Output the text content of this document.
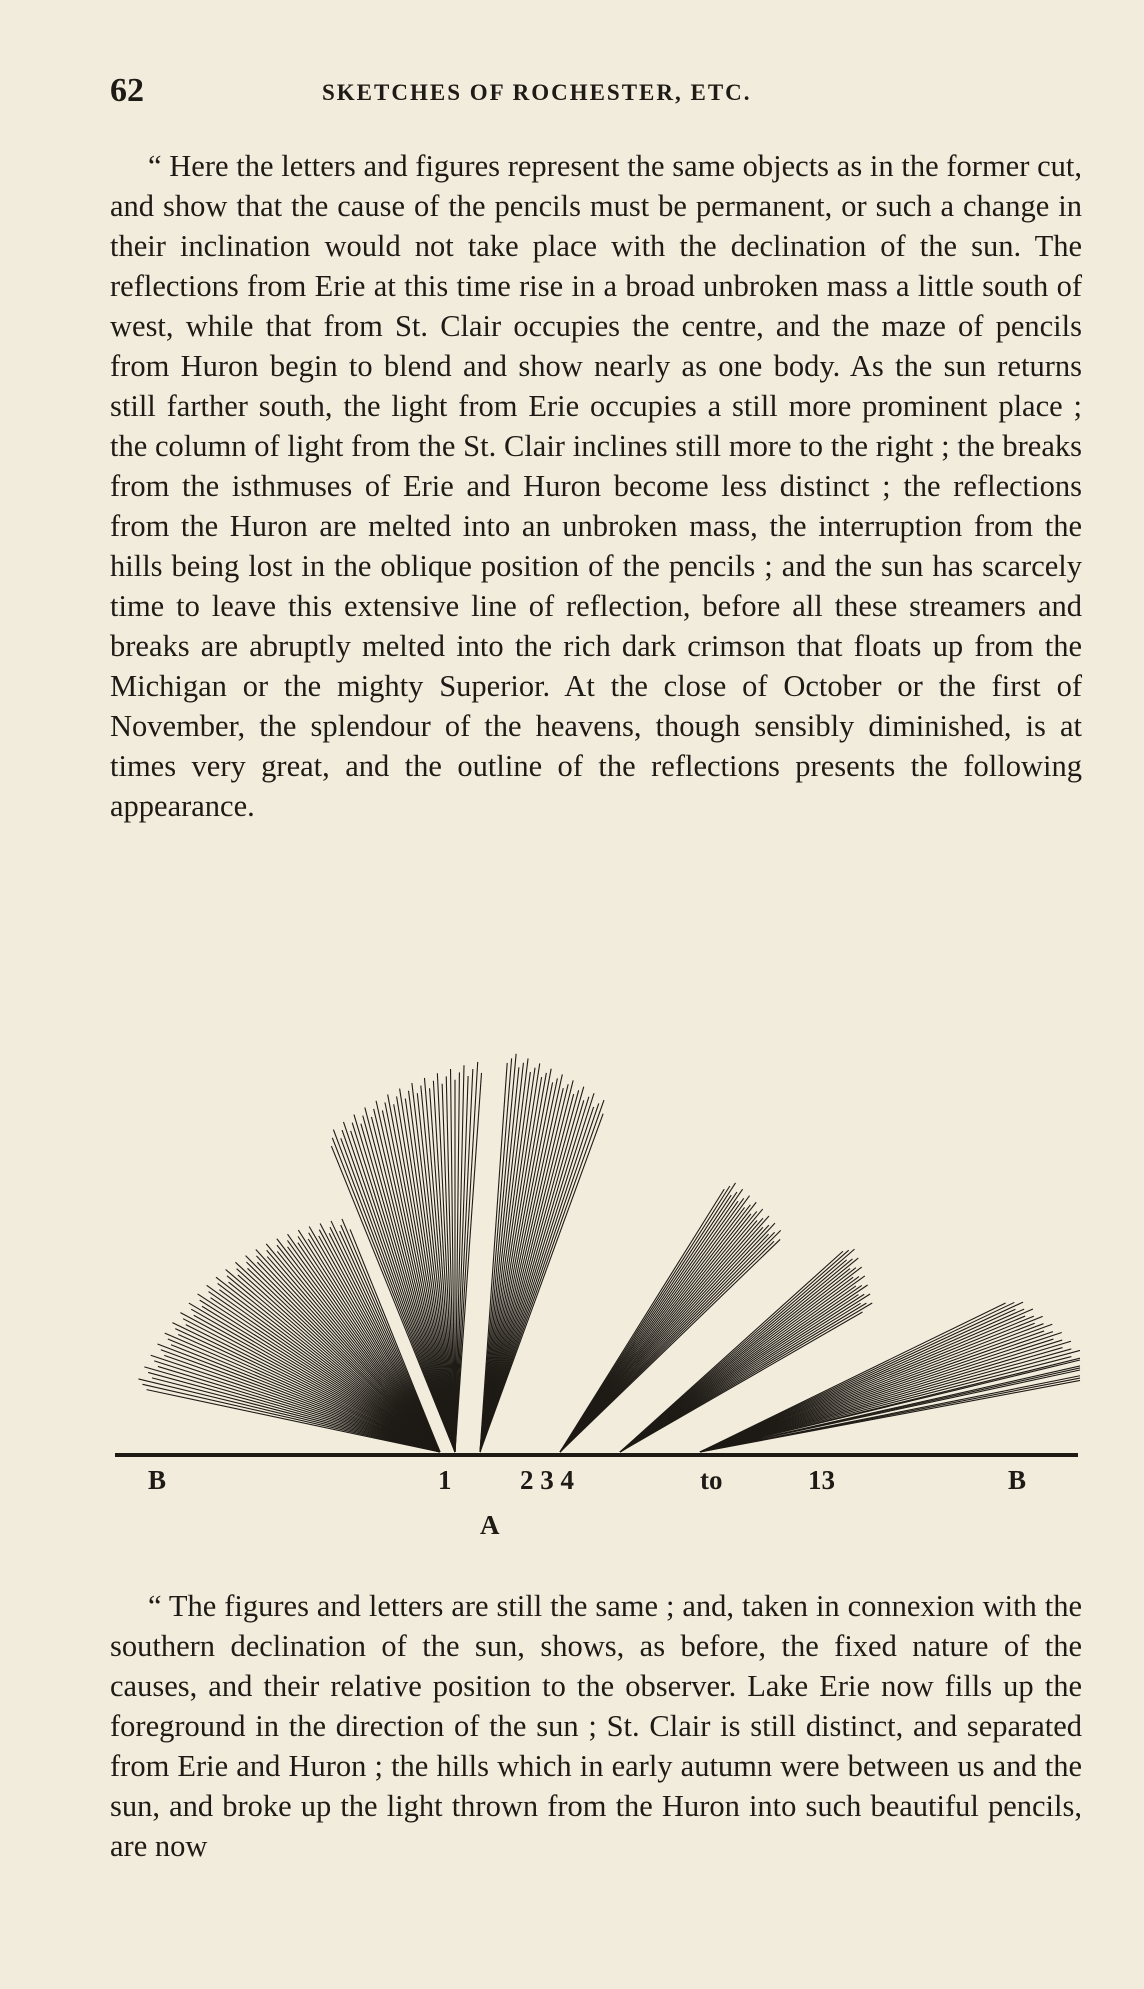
62	SKETCHES OF ROCHESTER, ETC.

“ Here the letters and figures represent the same objects as in the former cut, and show that the cause of the pencils must be permanent, or such a change in their inclination would not take place with the declination of the sun. The reflections from Erie at this time rise in a broad unbroken mass a little south of west, while that from St. Clair occupies the centre, and the maze of pencils from Huron begin to blend and show nearly as one body. As the sun returns still farther south, the light from Erie occupies a still more prominent place ; the column of light from the St. Clair inclines still more to the right ; the breaks from the isthmuses of Erie and Huron become less distinct ; the reflections from the Huron are melted into an unbroken mass, the interruption from the hills being lost in the oblique position of the pencils ; and the sun has scarcely time to leave this extensive line of reflection, before all these streamers and breaks are abruptly melted into the rich dark crimson that floats up from the Michigan or the mighty Superior. At the close of October or the first of November, the splendour of the heavens, though sensibly diminished, is at times very great, and the outline of the reflections presents the following appearance.

B	1	2 3 4	to	13	B
A

“ The figures and letters are still the same ; and, taken in connexion with the southern declination of the sun, shows, as before, the fixed nature of the causes, and their relative position to the observer. Lake Erie now fills up the foreground in the direction of the sun ; St. Clair is still distinct, and separated from Erie and Huron ; the hills which in early autumn were between us and the sun, and broke up the light thrown from the Huron into such beautiful pencils, are now
